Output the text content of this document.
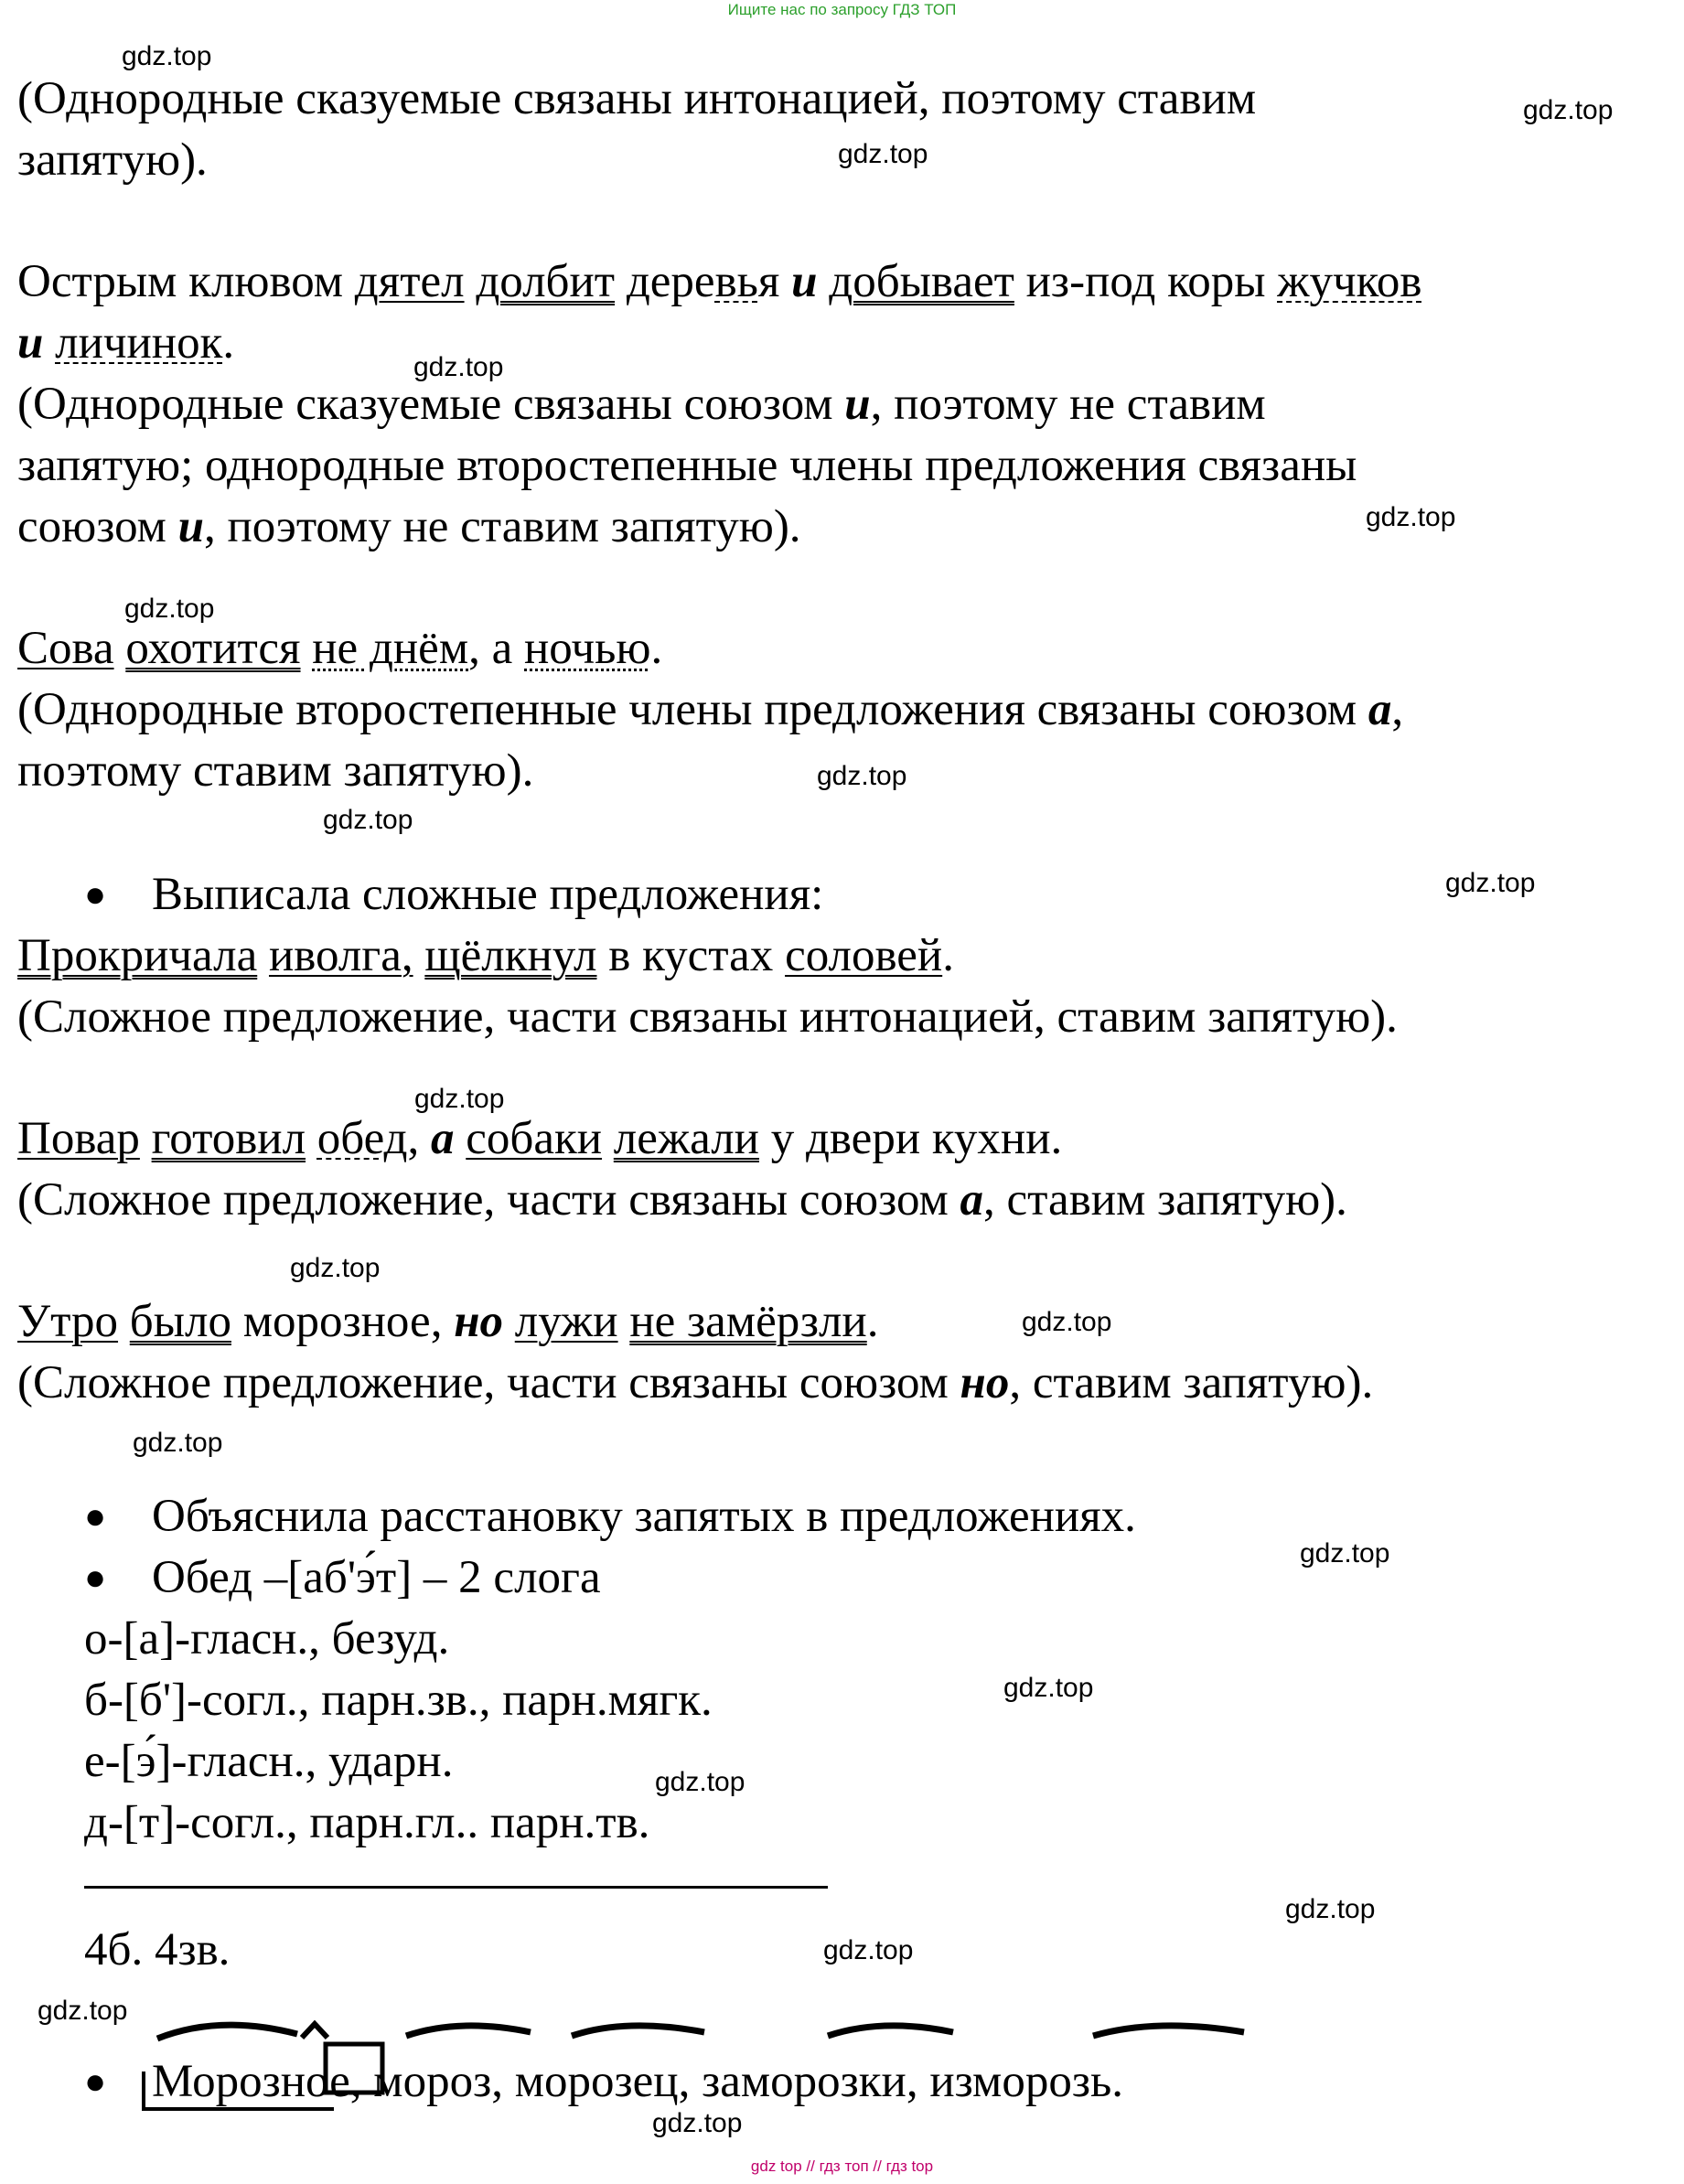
Ищите нас по запросу ГДЗ ТОП
gdz.top
gdz.top
gdz.top
gdz.top
gdz.top
gdz.top
gdz.top
gdz.top
gdz.top
gdz.top
gdz.top
gdz.top
gdz.top
gdz.top
gdz.top
gdz.top
gdz.top
gdz.top
gdz.top
gdz.top
(Однородные сказуемые связаны интонацией, поэтому ставим
запятую).
Острым клювом дятел долбит деревья и добывает из-под коры жучков
и личинок.
(Однородные сказуемые связаны союзом и, поэтому не ставим
запятую; однородные второстепенные члены предложения связаны
союзом и, поэтому не ставим запятую).
Сова охотится не днём, а ночью.
(Однородные второстепенные члены предложения связаны союзом а,
поэтому ставим запятую).
● Выписала сложные предложения:
Прокричала иволга, щёлкнул в кустах соловей.
(Сложное предложение, части связаны интонацией, ставим запятую).
Повар готовил обед, а собаки лежали у двери кухни.
(Сложное предложение, части связаны союзом а, ставим запятую).
Утро было морозное, но лужи не замёрзли.
(Сложное предложение, части связаны союзом но, ставим запятую).
● Объяснила расстановку запятых в предложениях.
● Обед –[аб'э́т] – 2 слога
о-[а]-гласн., безуд.
б-[б']-согл., парн.зв., парн.мягк.
е-[э́]-гласн., ударн.
д-[т]-согл., парн.гл.. парн.тв.
4б. 4зв.
● Морозное, мороз, морозец, заморозки, изморозь.
gdz top // гдз топ // гдз top
